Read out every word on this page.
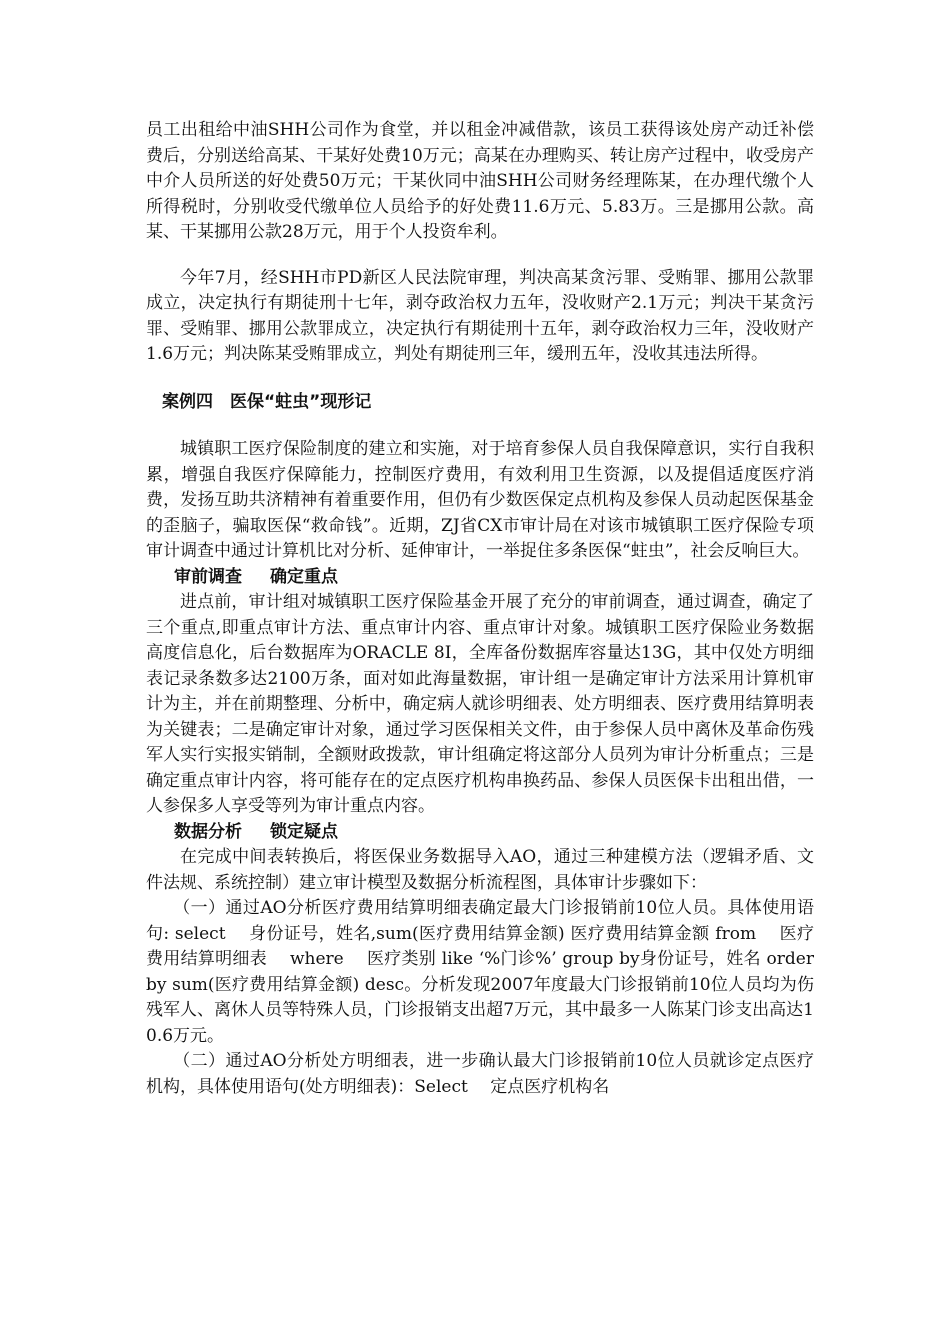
员工出租给中油SHH公司作为食堂，并以租金冲减借款，该员工获得该处房产动迁补偿费后，分别送给高某、干某好处费10万元；高某在办理购买、转让房产过程中，收受房产中介人员所送的好处费50万元；干某伙同中油SHH公司财务经理陈某，在办理代缴个人所得税时，分别收受代缴单位人员给予的好处费11.6万元、5.83万。三是挪用公款。高某、干某挪用公款28万元，用于个人投资牟利。

今年7月，经SHH市PD新区人民法院审理，判决高某贪污罪、受贿罪、挪用公款罪成立，决定执行有期徒刑十七年，剥夺政治权力五年，没收财产2.1万元；判决干某贪污罪、受贿罪、挪用公款罪成立，决定执行有期徒刑十五年，剥夺政治权力三年，没收财产1.6万元；判决陈某受贿罪成立，判处有期徒刑三年，缓刑五年，没收其违法所得。

案例四　医保“蛀虫”现形记

城镇职工医疗保险制度的建立和实施，对于培育参保人员自我保障意识，实行自我积累，增强自我医疗保障能力，控制医疗费用，有效利用卫生资源，以及提倡适度医疗消费，发扬互助共济精神有着重要作用，但仍有少数医保定点机构及参保人员动起医保基金的歪脑子，骗取医保“救命钱”。近期，ZJ省CX市审计局在对该市城镇职工医疗保险专项审计调查中通过计算机比对分析、延伸审计，一举捉住多条医保“蛀虫”，社会反响巨大。

审前调查 确定重点

进点前，审计组对城镇职工医疗保险基金开展了充分的审前调查，通过调查，确定了三个重点,即重点审计方法、重点审计内容、重点审计对象。城镇职工医疗保险业务数据高度信息化，后台数据库为ORACLE 8I，全库备份数据库容量达13G，其中仅处方明细表记录条数多达2100万条，面对如此海量数据，审计组一是确定审计方法采用计算机审计为主，并在前期整理、分析中，确定病人就诊明细表、处方明细表、医疗费用结算明表为关键表；二是确定审计对象，通过学习医保相关文件，由于参保人员中离休及革命伤残军人实行实报实销制，全额财政拨款，审计组确定将这部分人员列为审计分析重点；三是确定重点审计内容，将可能存在的定点医疗机构串换药品、参保人员医保卡出租出借，一人参保多人享受等列为审计重点内容。

数据分析 锁定疑点

在完成中间表转换后，将医保业务数据导入AO，通过三种建模方法（逻辑矛盾、文件法规、系统控制）建立审计模型及数据分析流程图，具体审计步骤如下：

（一）通过AO分析医疗费用结算明细表确定最大门诊报销前10位人员。具体使用语句: select　 身份证号，姓名,sum(医疗费用结算金额) 医疗费用结算金额 from　 医疗费用结算明细表　 where　 医疗类别 like ‘%门诊%’ group by身份证号，姓名 order by sum(医疗费用结算金额) desc。分析发现2007年度最大门诊报销前10位人员均为伤残军人、离休人员等特殊人员，门诊报销支出超7万元，其中最多一人陈某门诊支出高达10.6万元。

（二）通过AO分析处方明细表，进一步确认最大门诊报销前10位人员就诊定点医疗机构，具体使用语句(处方明细表)：Select　 定点医疗机构名
